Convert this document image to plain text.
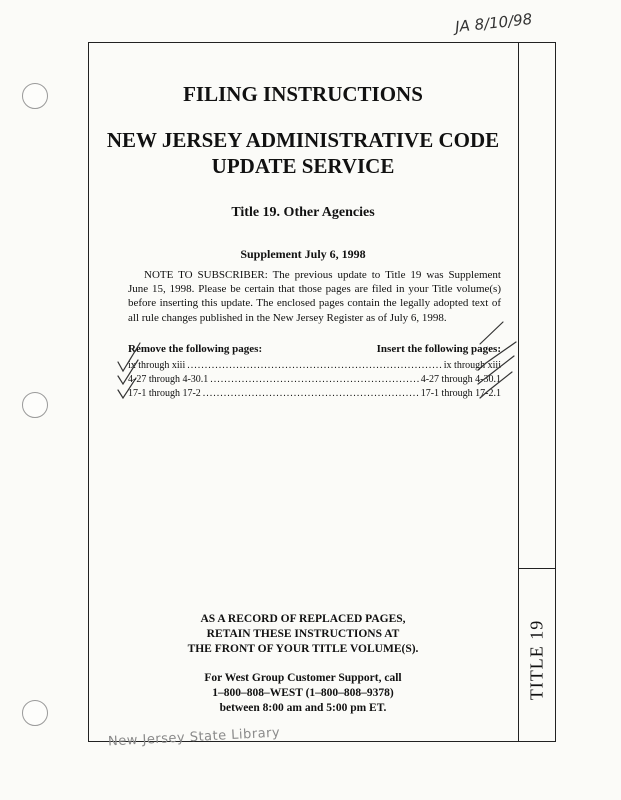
JA 8/10/98
TITLE 19
FILING INSTRUCTIONS
NEW JERSEY ADMINISTRATIVE CODE
UPDATE SERVICE
Title 19. Other Agencies
Supplement July 6, 1998
NOTE TO SUBSCRIBER: The previous update to Title 19 was Supplement June 15, 1998. Please be certain that those pages are filed in your Title volume(s) before inserting this update. The enclosed pages contain the legally adopted text of all rule changes published in the New Jersey Register as of July 6, 1998.
Remove the following pages:	Insert the following pages:
ix through xiii .....	ix through xiii
4-27 through 4-30.1 .....	4-27 through 4-30.1
17-1 through 17-2 .....	17-1 through 17-2.1
AS A RECORD OF REPLACED PAGES,
RETAIN THESE INSTRUCTIONS AT
THE FRONT OF YOUR TITLE VOLUME(S).
For West Group Customer Support, call
1–800–808–WEST (1–800–808–9378)
between 8:00 am and 5:00 pm ET.
New Jersey State Library
